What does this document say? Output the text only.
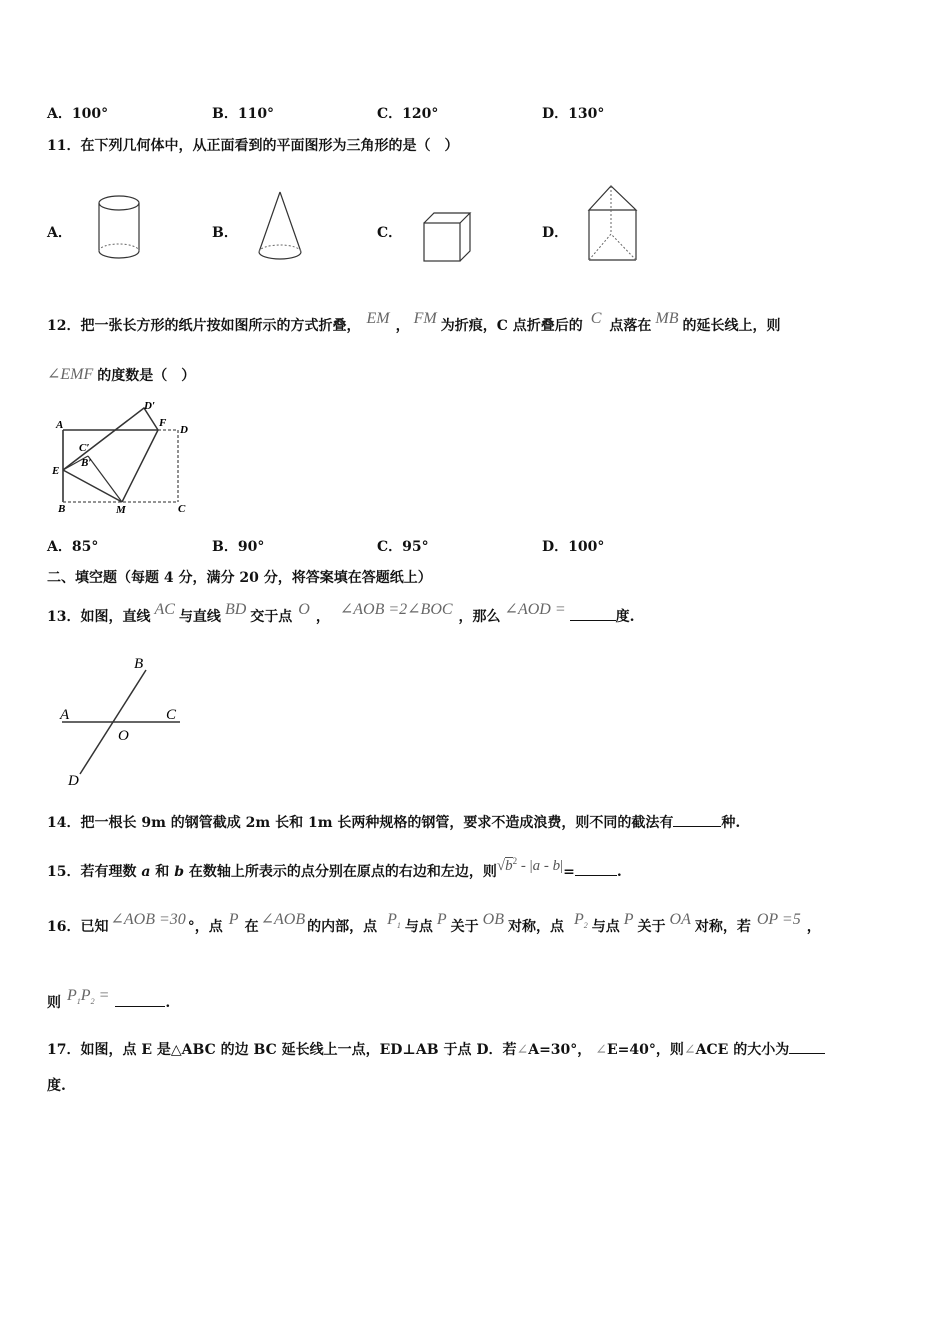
A．100°	B．110°	C．120°	D．130°
11．在下列几何体中，从正面看到的平面图形为三角形的是（　）
A．	B．	C．	D．
12．把一张长方形的纸片按如图所示的方式折叠， EM ， FM 为折痕，C 点折叠后的 C 点落在 MB 的延长线上，则
∠EMF 的度数是（　）
A
D′
F
D
C′
B′
E
B	M	C
A．85°	B．90°	C．95°	D．100°
二、填空题（每题 4 分，满分 20 分，将答案填在答题纸上）
13．如图，直线 AC 与直线 BD 交于点 O ， ∠AOB =2∠BOC ，那么 ∠AOD =	度.
B
A	C
O
D
14．把一根长 9m 的钢管截成 2m 长和 1m 长两种规格的钢管，要求不造成浪费，则不同的截法有	种.
15．若有理数 a 和 b 在数轴上所表示的点分别在原点的右边和左边，则$√b^2 - |a - b|=$	.
16．已知 ∠AOB =30 °，点 P 在 ∠AOB 的内部，点 $P_1$ 与点 P 关于 OB 对称，点 $P_2$ 与点 P 关于 OA 对称，若 OP =5 ，
则 $P_1P_2$ =	.
17．如图，点 E 是△ABC 的边 BC 延长线上一点，ED⊥AB 于点 D．若∠A=30°， ∠E=40°，则∠ACE 的大小为
度.
